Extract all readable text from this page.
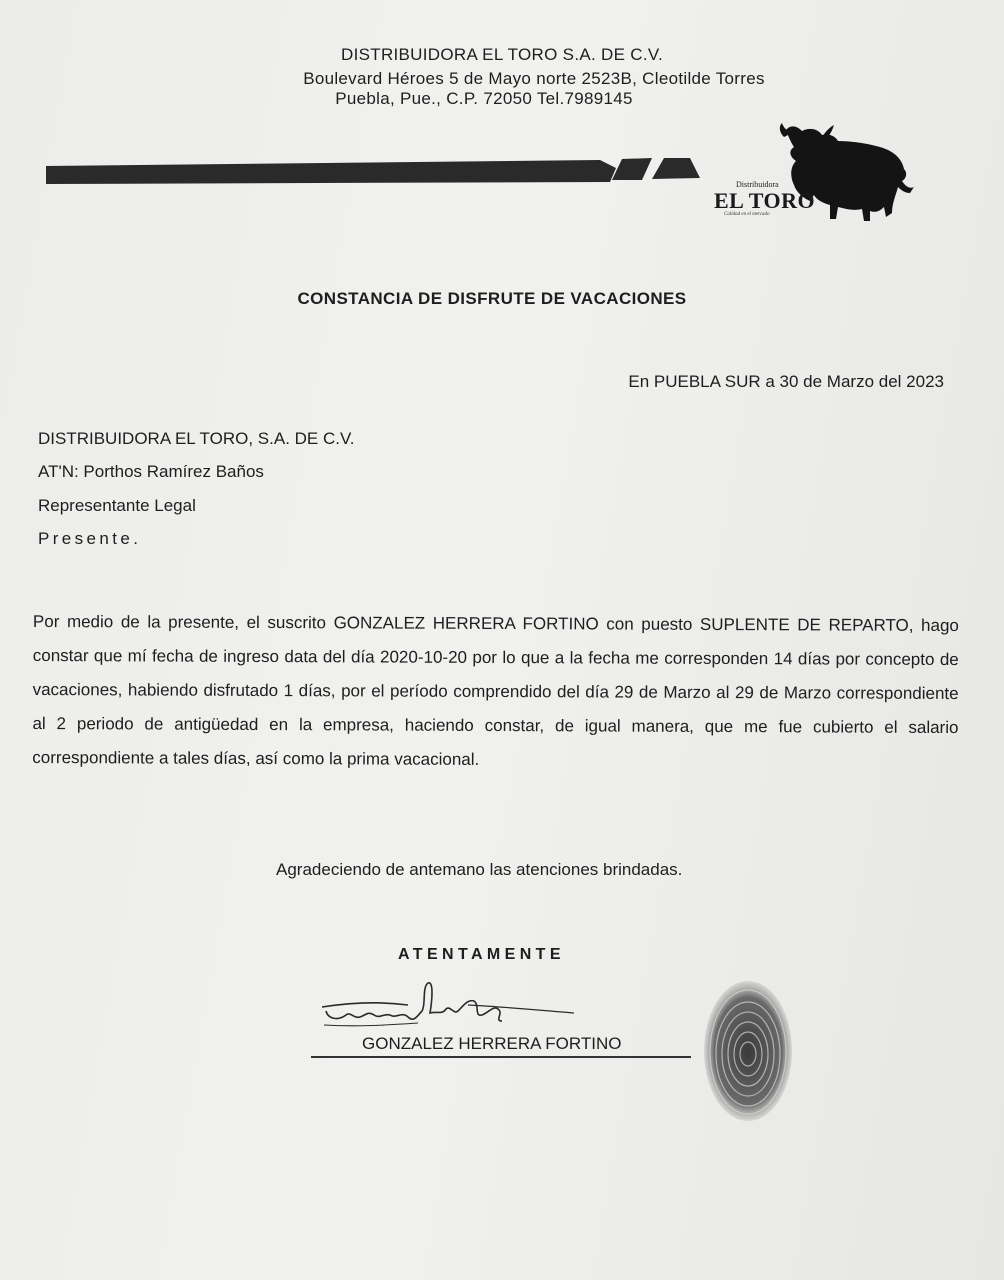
DISTRIBUIDORA EL TORO S.A. DE C.V.
Boulevard Héroes 5 de Mayo norte 2523B, Cleotilde Torres
Puebla, Pue., C.P. 72050 Tel.7989145
Distribuidora
EL TORO
Calidad en el mercado
CONSTANCIA DE DISFRUTE DE VACACIONES
En PUEBLA SUR a 30 de Marzo del 2023
DISTRIBUIDORA EL TORO, S.A. DE C.V.
AT'N: Porthos Ramírez Baños
Representante Legal
Presente.
Por medio de la presente, el suscrito GONZALEZ HERRERA FORTINO con puesto SUPLENTE DE REPARTO, hago constar que mí fecha de ingreso data del día 2020-10-20 por lo que a la fecha me corresponden 14 días por concepto de vacaciones, habiendo disfrutado 1 días, por el período comprendido del día 29 de Marzo al 29 de Marzo correspondiente al 2 periodo de antigüedad en la empresa, haciendo constar, de igual manera, que me fue cubierto el salario correspondiente a tales días, así como la prima vacacional.
Agradeciendo de antemano las atenciones brindadas.
ATENTAMENTE
GONZALEZ HERRERA FORTINO
